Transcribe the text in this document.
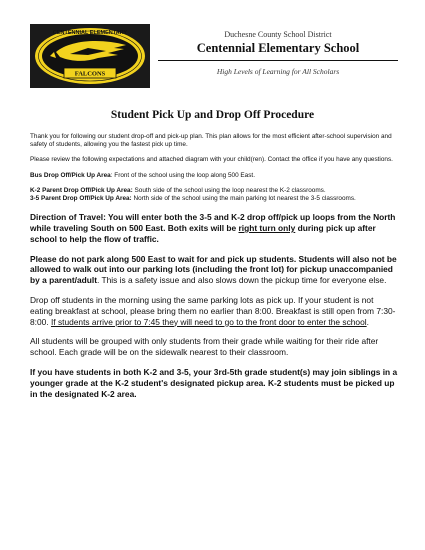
CENTENNIAL ELEMENTARY
FALCONS
Duchesne County School District
Centennial Elementary School
High Levels of Learning for All Scholars
Student Pick Up and Drop Off Procedure

Thank you for following our student drop-off and pick-up plan. This plan allows for the most efficient after-school supervision and safety of students, allowing you the fastest pick up time.

Please review the following expectations and attached diagram with your child(ren). Contact the office if you have any questions.

Bus Drop Off/Pick Up Area: Front of the school using the loop along 500 East.

K-2 Parent Drop Off/Pick Up Area: South side of the school using the loop nearest the K-2 classrooms.

3-5 Parent Drop Off/Pick Up Area: North side of the school using the main parking lot nearest the 3-5 classrooms.

Direction of Travel: You will enter both the 3-5 and K-2 drop off/pick up loops from the North while traveling South on 500 East. Both exits will be right turn only during pick up after school to help the flow of traffic.

Please do not park along 500 East to wait for and pick up students. Students will also not be allowed to walk out into our parking lots (including the front lot) for pickup unaccompanied by a parent/adult. This is a safety issue and also slows down the pickup time for everyone else.

Drop off students in the morning using the same parking lots as pick up. If your student is not eating breakfast at school, please bring them no earlier than 8:00. Breakfast is still open from 7:30-8:00. If students arrive prior to 7:45 they will need to go to the front door to enter the school.

All students will be grouped with only students from their grade while waiting for their ride after school. Each grade will be on the sidewalk nearest to their classroom.

If you have students in both K-2 and 3-5, your 3rd-5th grade student(s) may join siblings in a younger grade at the K-2 student's designated pickup area. K-2 students must be picked up in the designated K-2 area.
